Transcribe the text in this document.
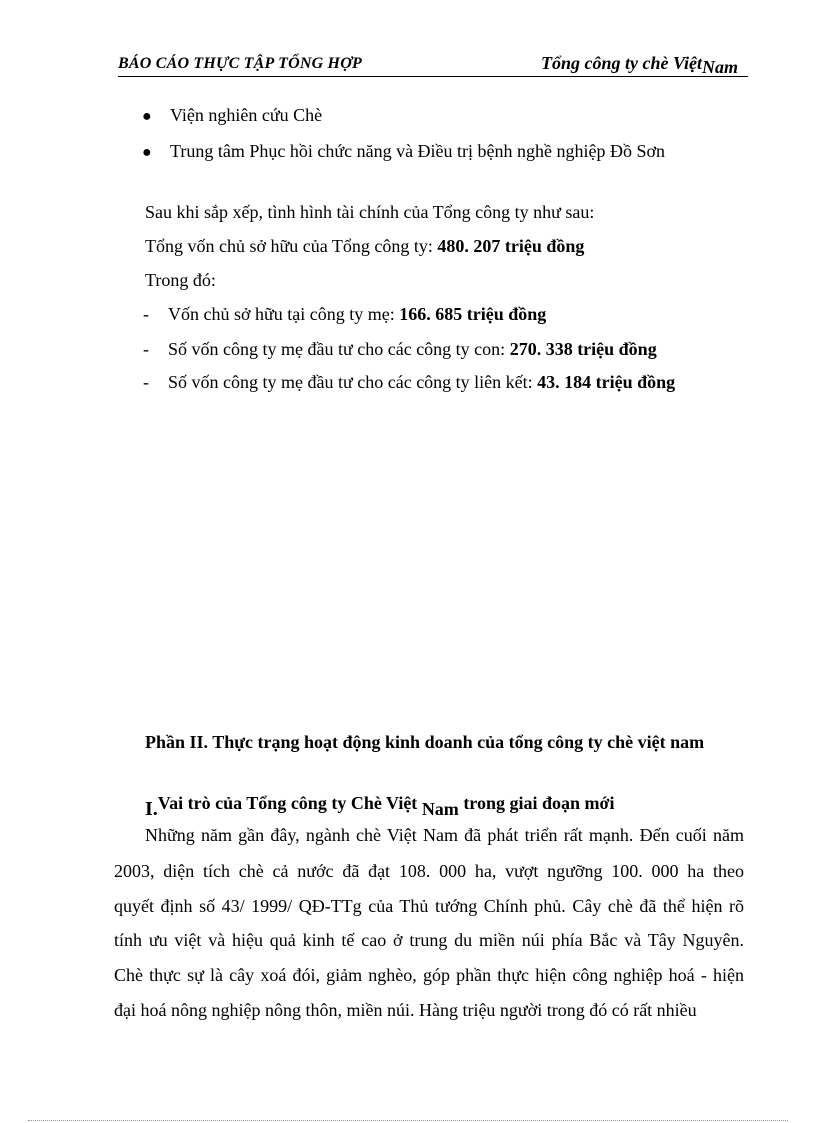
BÁO CÁO THỰC TẬP TỔNG HỢP	Tổng công ty chè ViệtNam
● Viện nghiên cứu Chè
● Trung tâm Phục hồi chức năng và Điều trị bệnh nghề nghiệp Đồ Sơn
Sau khi sắp xếp, tình hình tài chính của Tổng công ty như sau:
Tổng vốn chủ sở hữu của Tổng công ty: 480. 207 triệu đồng
Trong đó:
- Vốn chủ sở hữu tại công ty mẹ: 166. 685 triệu đồng
- Số vốn công ty mẹ đầu tư cho các công ty con: 270. 338 triệu đồng
- Số vốn công ty mẹ đầu tư cho các công ty liên kết: 43. 184 triệu đồng
Phần II. Thực trạng hoạt động kinh doanh của tổng công ty chè việt nam
I.Vai trò của Tổng công ty Chè Việt Nam trong giai đoạn mới
Những năm gần đây, ngành chè Việt Nam đã phát triển rất mạnh. Đến cuối năm
2003, diện tích chè cả nước đã đạt 108. 000 ha, vượt ngưỡng 100. 000 ha theo
quyết định số 43/ 1999/ QĐ-TTg của Thủ tướng Chính phủ. Cây chè đã thể hiện rõ
tính ưu việt và hiệu quả kinh tế cao ở trung du miền núi phía Bắc và Tây Nguyên.
Chè thực sự là cây xoá đói, giảm nghèo, góp phần thực hiện công nghiệp hoá - hiện
đại hoá nông nghiệp nông thôn, miền núi. Hàng triệu người trong đó có rất nhiều
